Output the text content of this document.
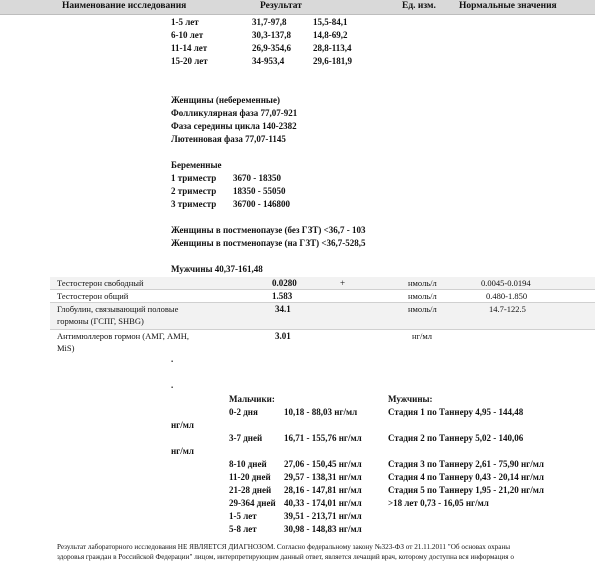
Наименование исследования	Результат	Ед. изм. Нормальные значения
1-5 лет	31,7-97,8	15,5-84,1
6-10 лет	30,3-137,8 14,8-69,2
11-14 лет	26,9-354,6 28,8-113,4
15-20 лет	34-953,4	29,6-181,9
Женщины (небеременные)
Фолликулярная фаза 77,07-921
Фаза середины цикла 140-2382
Лютеиновая фаза 77,07-1145
Беременные
1 триместр 3670 - 18350
2 триместр 18350 - 55050
3 триместр 36700 - 146800
Женщины в постменопаузе (без ГЗТ) <36,7 - 103
Женщины в постменопаузе (на ГЗТ) <36,7-528,5
Мужчины 40,37-161,48
Тестостерон свободный	0.0280	+	нмоль/л	0.0045-0.0194
Тестостерон общий	1.583	нмоль/л	0.480-1.850
Глобулин, связывающий половые
гормоны (ГСПГ, SHBG)
34.1	нмоль/л	14.7-122.5
Антимюллеров гормон (АМГ, АМН,
MiS)
3.01	нг/мл
.
.
Мальчики:	Мужчины:
0-2 дня	10,18 - 88,03 нг/мл	Стадия 1 по Таннеру 4,95 - 144,48
нг/мл
3-7 дней 16,71 - 155,76 нг/мл	Стадия 2 по Таннеру 5,02 - 140,06
нг/мл
8-10 дней 27,06 - 150,45 нг/мл	Стадия 3 по Таннеру 2,61 - 75,90 нг/мл
11-20 дней 29,57 - 138,31 нг/мл	Стадия 4 по Таннеру 0,43 - 20,14 нг/мл
21-28 дней 28,16 - 147,81 нг/мл	Стадия 5 по Таннеру 1,95 - 21,20 нг/мл
29-364 дней 40,33 - 174,01 нг/мл	>18 лет 0,73 - 16,05 нг/мл
1-5 лет	39,51 - 213,71 нг/мл
5-8 лет	30,98 - 148,83 нг/мл
Результат лабораторного исследования НЕ ЯВЛЯЕТСЯ ДИАГНОЗОМ. Согласно федеральному закону №323-ФЗ от 21.11.2011 "Об основах охраны
здоровья граждан в Российской Федерации" лицом, интерпретирующим данный ответ, является лечащий врач, которому доступна вся информация о
